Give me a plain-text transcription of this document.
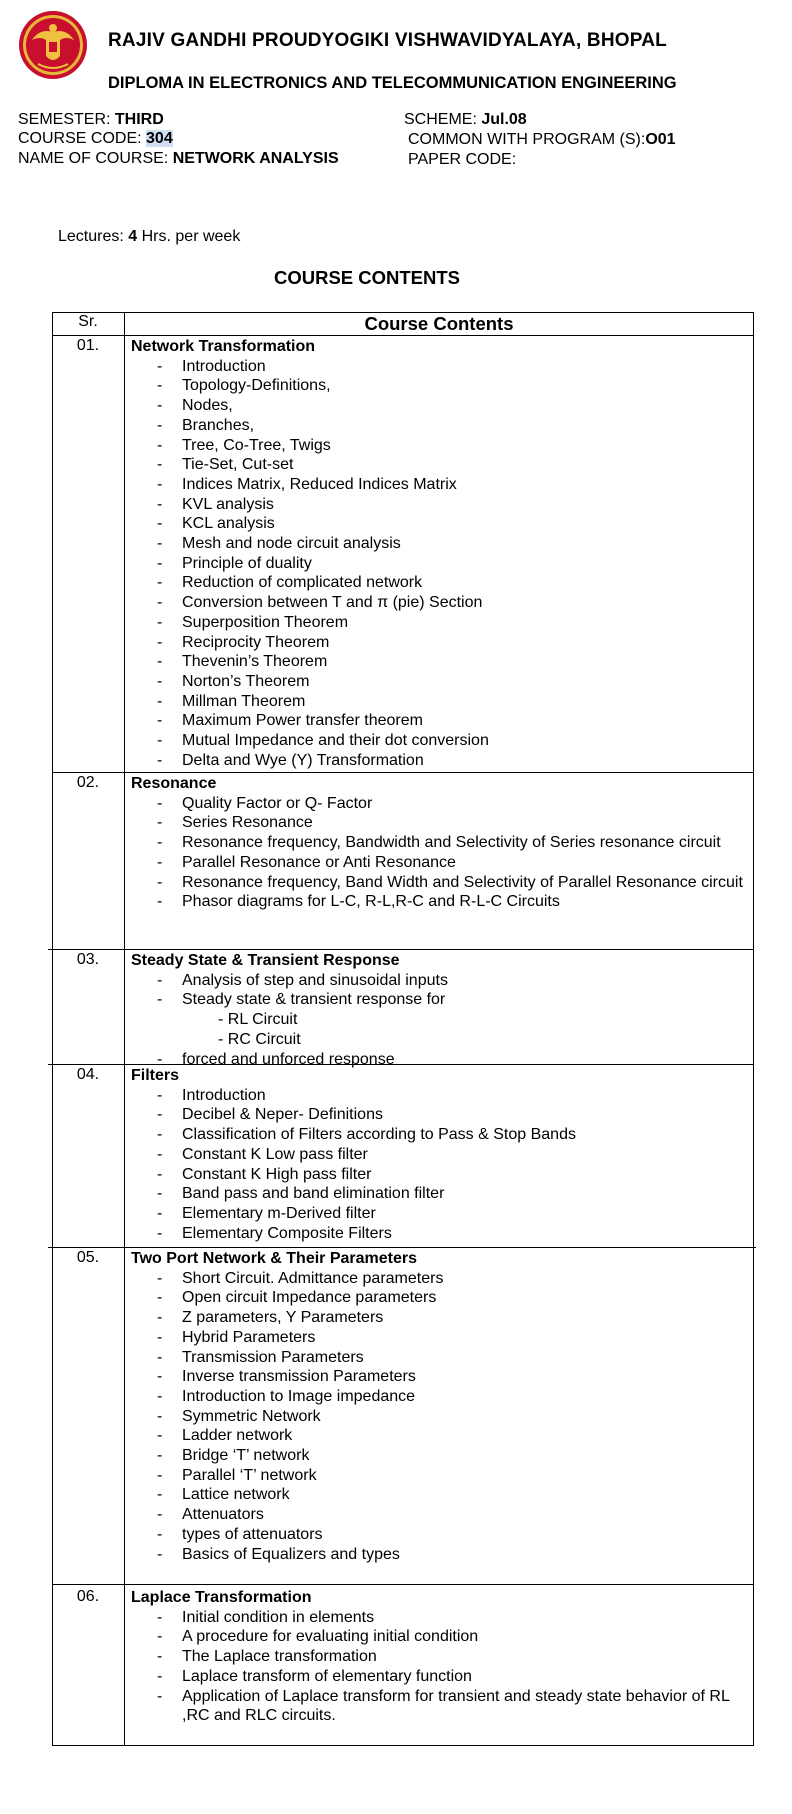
RAJIV GANDHI PROUDYOGIKI VISHWAVIDYALAYA, BHOPAL
DIPLOMA IN ELECTRONICS AND TELECOMMUNICATION ENGINEERING
SEMESTER: THIRD
COURSE CODE: 304
NAME OF COURSE: NETWORK ANALYSIS
SCHEME: Jul.08
COMMON WITH PROGRAM (S):O01
PAPER CODE:
Lectures: 4 Hrs. per week
COURSE CONTENTS
Sr.	Course Contents
01.	Network Transformation
- Introduction
- Topology-Definitions,
- Nodes,
- Branches,
- Tree, Co-Tree, Twigs
- Tie-Set, Cut-set
- Indices Matrix, Reduced Indices Matrix
- KVL analysis
- KCL analysis
- Mesh and node circuit analysis
- Principle of duality
- Reduction of complicated network
- Conversion between T and π (pie) Section
- Superposition Theorem
- Reciprocity Theorem
- Thevenin’s Theorem
- Norton’s Theorem
- Millman Theorem
- Maximum Power transfer theorem
- Mutual Impedance and their dot conversion
- Delta and Wye (Y) Transformation
02.	Resonance
- Quality Factor or Q- Factor
- Series Resonance
- Resonance frequency, Bandwidth and Selectivity of Series resonance circuit
- Parallel Resonance or Anti Resonance
- Resonance frequency, Band Width and Selectivity of Parallel Resonance circuit
- Phasor diagrams for L-C, R-L,R-C and R-L-C Circuits
03.	Steady State & Transient Response
- Analysis of step and sinusoidal inputs
- Steady state & transient response for
- RL Circuit
- RC Circuit
- forced and unforced response
04.	Filters
- Introduction
- Decibel & Neper- Definitions
- Classification of Filters according to Pass & Stop Bands
- Constant K Low pass filter
- Constant K High pass filter
- Band pass and band elimination filter
- Elementary m-Derived filter
- Elementary Composite Filters
05.	Two Port Network & Their Parameters
- Short Circuit. Admittance parameters
- Open circuit Impedance parameters
- Z parameters, Y Parameters
- Hybrid Parameters
- Transmission Parameters
- Inverse transmission Parameters
- Introduction to Image impedance
- Symmetric Network
- Ladder network
- Bridge ‘T’ network
- Parallel ‘T’ network
- Lattice network
- Attenuators
- types of attenuators
- Basics of Equalizers and types
06.	Laplace Transformation
- Initial condition in elements
- A procedure for evaluating initial condition
- The Laplace transformation
- Laplace transform of elementary function
- Application of Laplace transform for transient and steady state behavior of RL ,RC and RLC circuits.
